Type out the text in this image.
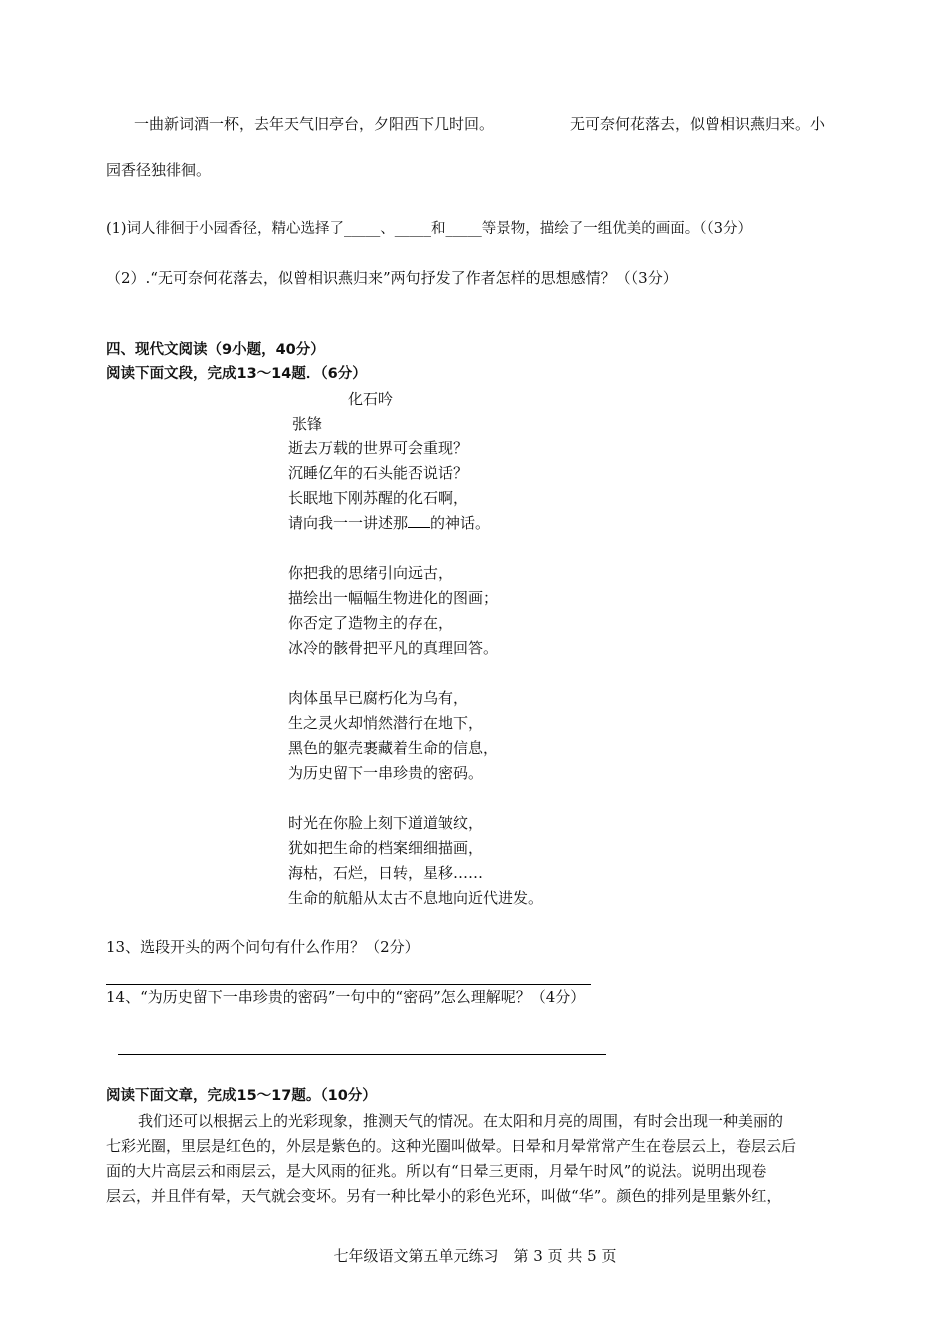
一曲新词酒一杯，去年天气旧亭台，夕阳西下几时回。	无可奈何花落去，似曾相识燕归来。小
园香径独徘徊。
(1)词人徘徊于小园香径，精心选择了_____、_____和_____等景物，描绘了一组优美的画面。（（3分）
（2）.“无可奈何花落去，似曾相识燕归来”两句抒发了作者怎样的思想感情？（（3分）
四、现代文阅读（9小题，40分）
阅读下面文段，完成13～14题．（6分）
化石吟
张锋
逝去万载的世界可会重现？
沉睡亿年的石头能否说话？
长眠地下刚苏醒的化石啊，
请向我一一讲述那 的神话。
你把我的思绪引向远古，
描绘出一幅幅生物进化的图画；
你否定了造物主的存在，
冰冷的骸骨把平凡的真理回答。
肉体虽早已腐朽化为乌有，
生之灵火却悄然潜行在地下，
黑色的躯壳裹藏着生命的信息，
为历史留下一串珍贵的密码。
时光在你脸上刻下道道皱纹，
犹如把生命的档案细细描画，
海枯，石烂，日转，星移……
生命的航船从太古不息地向近代进发。
13、选段开头的两个问句有什么作用？（2分）
14、“为历史留下一串珍贵的密码”一句中的“密码”怎么理解呢？（4分）
阅读下面文章，完成15～17题。（10分）
我们还可以根据云上的光彩现象，推测天气的情况。在太阳和月亮的周围，有时会出现一种美丽的
七彩光圈，里层是红色的，外层是紫色的。这种光圈叫做晕。日晕和月晕常常产生在卷层云上，卷层云后
面的大片高层云和雨层云，是大风雨的征兆。所以有“日晕三更雨，月晕午时风”的说法。说明出现卷
层云，并且伴有晕，天气就会变坏。另有一种比晕小的彩色光环，叫做“华”。颜色的排列是里紫外红，
七年级语文第五单元练习　第 3 页 共 5 页
